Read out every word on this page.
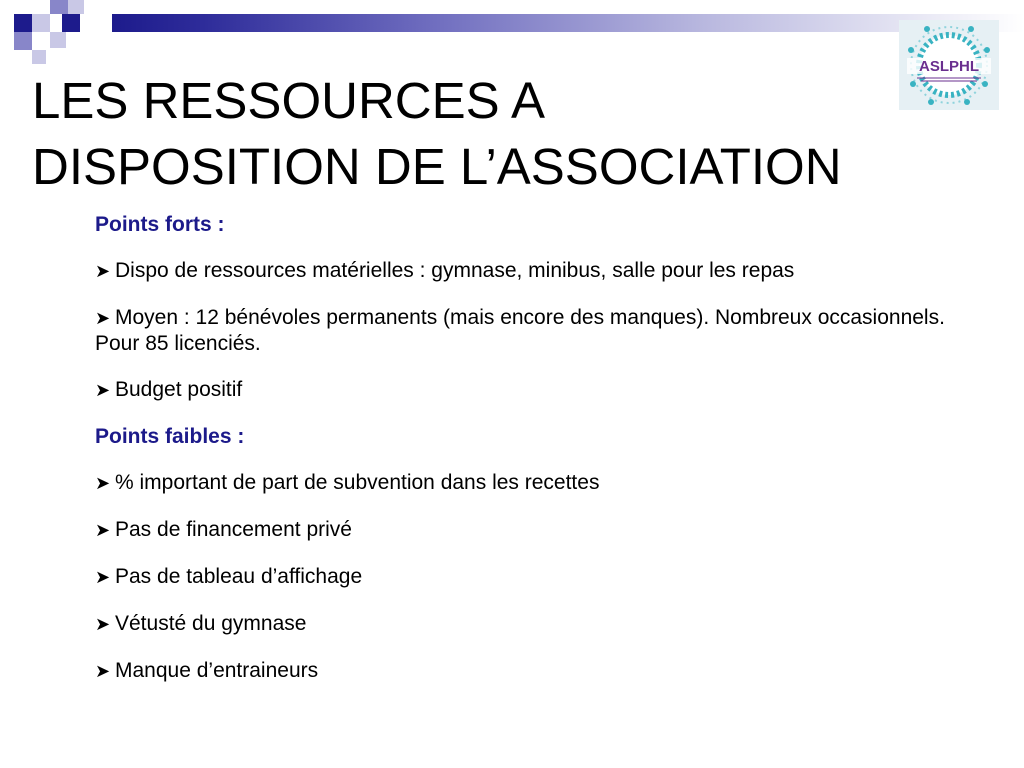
LES RESSOURCES A
DISPOSITION DE L’ASSOCIATION
ASLPHL
Points forts :
➤ Dispo de ressources matérielles : gymnase, minibus, salle pour les repas
➤ Moyen : 12 bénévoles permanents (mais encore des manques). Nombreux occasionnels. Pour 85 licenciés.
➤ Budget positif
Points faibles :
➤ % important de part de subvention dans les recettes
➤ Pas de financement privé
➤ Pas de tableau d’affichage
➤ Vétusté du gymnase
➤ Manque d’entraineurs
